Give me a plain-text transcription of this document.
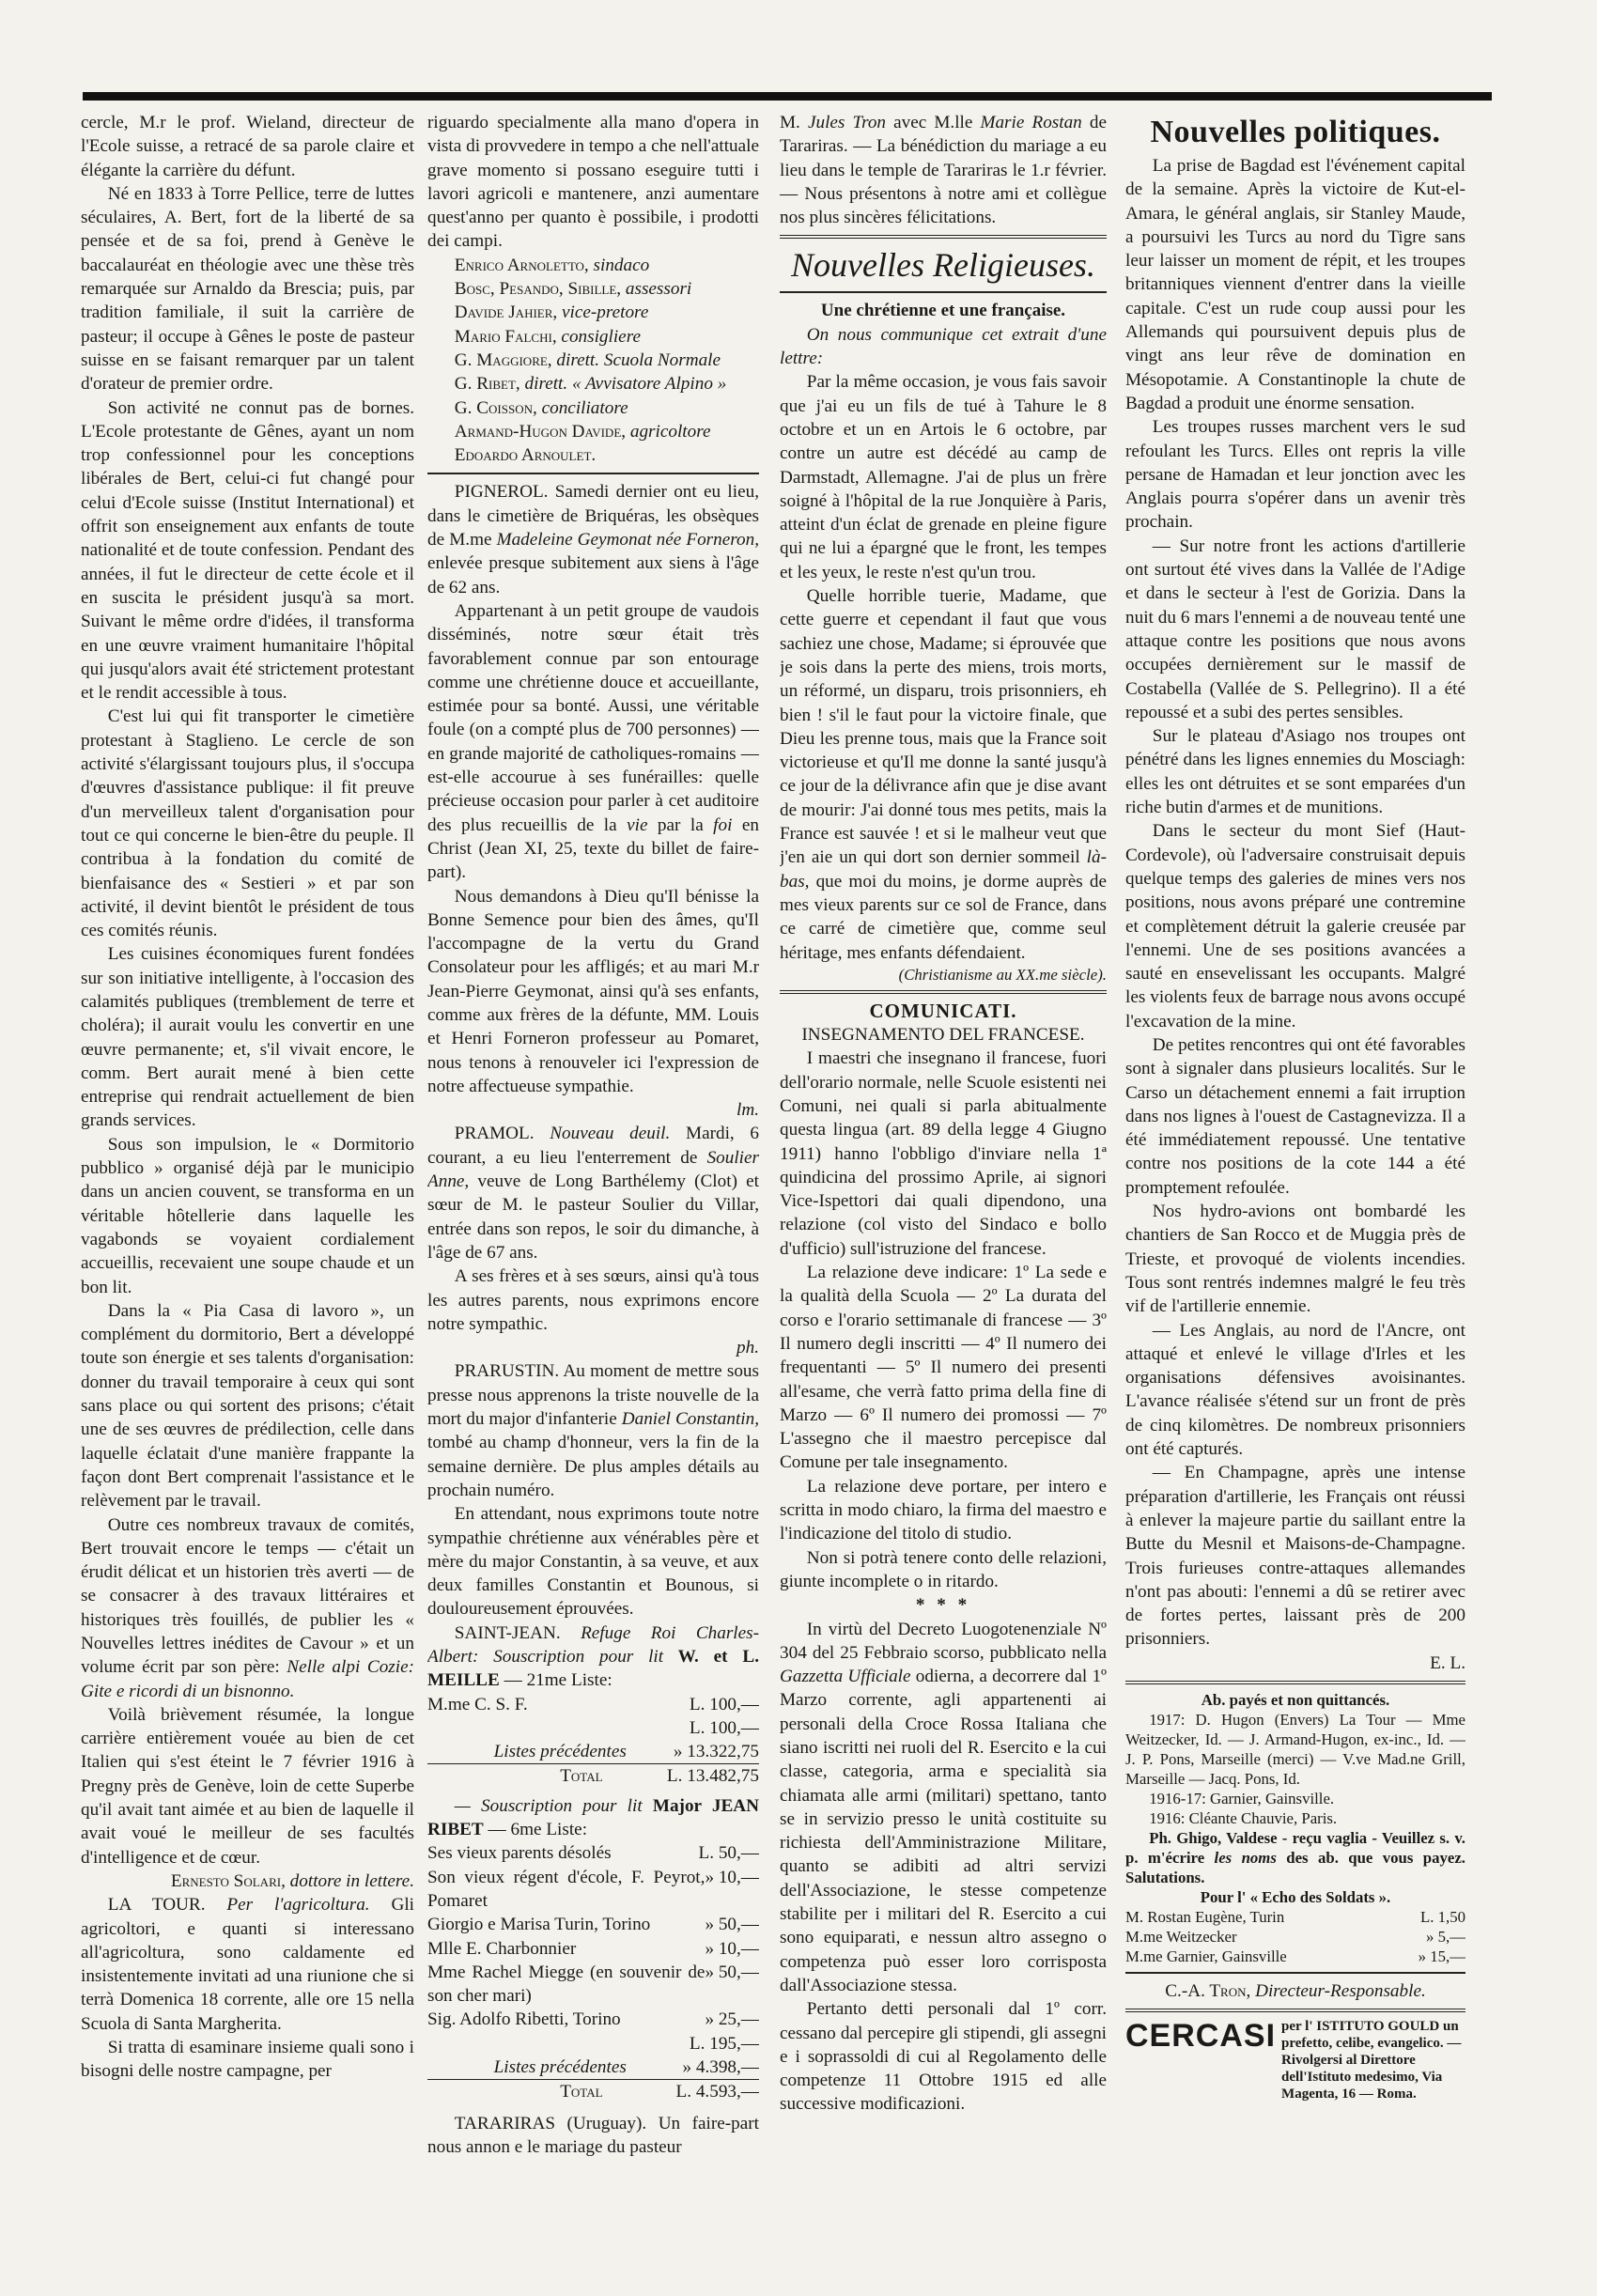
cercle, M.r le prof. Wieland, directeur de l'Ecole suisse, a retracé de sa parole claire et élégante la carrière du défunt.

Né en 1833 à Torre Pellice, terre de luttes séculaires, A. Bert, fort de la liberté de sa pensée et de sa foi, prend à Genève le baccalauréat en théologie avec une thèse très remarquée sur Arnaldo da Brescia; puis, par tradition familiale, il suit la carrière de pasteur; il occupe à Gênes le poste de pasteur suisse en se faisant remarquer par un talent d'orateur de premier ordre.

Son activité ne connut pas de bornes. L'Ecole protestante de Gênes, ayant un nom trop confessionnel pour les conceptions libérales de Bert, celui-ci fut changé pour celui d'Ecole suisse (Institut International) et offrit son enseignement aux enfants de toute nationalité et de toute confession. Pendant des années, il fut le directeur de cette école et il en suscita le président jusqu'à sa mort. Suivant le même ordre d'idées, il transforma en une œuvre vraiment humanitaire l'hôpital qui jusqu'alors avait été strictement protestant et le rendit accessible à tous.

C'est lui qui fit transporter le cimetière protestant à Staglieno. Le cercle de son activité s'élargissant toujours plus, il s'occupa d'œuvres d'assistance publique: il fit preuve d'un merveilleux talent d'organisation pour tout ce qui concerne le bien-être du peuple. Il contribua à la fondation du comité de bienfaisance des « Sestieri » et par son activité, il devint bientôt le président de tous ces comités réunis.

Les cuisines économiques furent fondées sur son initiative intelligente, à l'occasion des calamités publiques (tremblement de terre et choléra); il aurait voulu les convertir en une œuvre permanente; et, s'il vivait encore, le comm. Bert aurait mené à bien cette entreprise qui rendrait actuellement de bien grands services.

Sous son impulsion, le « Dormitorio pubblico » organisé déjà par le municipio dans un ancien couvent, se transforma en un véritable hôtellerie dans laquelle les vagabonds se voyaient cordialement accueillis, recevaient une soupe chaude et un bon lit.

Dans la « Pia Casa di lavoro », un complément du dormitorio, Bert a développé toute son énergie et ses talents d'organisation: donner du travail temporaire à ceux qui sont sans place ou qui sortent des prisons; c'était une de ses œuvres de prédilection, celle dans laquelle éclatait d'une manière frappante la façon dont Bert comprenait l'assistance et le relèvement par le travail.

Outre ces nombreux travaux de comités, Bert trouvait encore le temps — c'était un érudit délicat et un historien très averti — de se consacrer à des travaux littéraires et historiques très fouillés, de publier les « Nouvelles lettres inédites de Cavour » et un volume écrit par son père: Nelle alpi Cozie: Gite e ricordi di un bisnonno.

Voilà brièvement résumée, la longue carrière entièrement vouée au bien de cet Italien qui s'est éteint le 7 février 1916 à Pregny près de Genève, loin de cette Superbe qu'il avait tant aimée et au bien de laquelle il avait voué le meilleur de ses facultés d'intelligence et de cœur.

Ernesto Solari, dottore in lettere.

LA TOUR. Per l'agricoltura. Gli agricoltori, e quanti si interessano all'agricoltura, sono caldamente ed insistentemente invitati ad una riunione che si terrà Domenica 18 corrente, alle ore 15 nella Scuola di Santa Margherita.

Si tratta di esaminare insieme quali sono i bisogni delle nostre campagne, per

riguardo specialmente alla mano d'opera in vista di provvedere in tempo a che nell'attuale grave momento si possano eseguire tutti i lavori agricoli e mantenere, anzi aumentare quest'anno per quanto è possibile, i prodotti dei campi.

Enrico Arnoletto, sindaco

Bosc, Pesando, Sibille, assessori

Davide Jahier, vice-pretore

Mario Falchi, consigliere

G. Maggiore, dirett. Scuola Normale

G. Ribet, dirett. « Avvisatore Alpino »

G. Coisson, conciliatore

Armand-Hugon Davide, agricoltore

Edoardo Arnoulet.

PIGNEROL. Samedi dernier ont eu lieu, dans le cimetière de Briquéras, les obsèques de M.me Madeleine Geymonat née Forneron, enlevée presque subitement aux siens à l'âge de 62 ans.

Appartenant à un petit groupe de vaudois disséminés, notre sœur était très favorablement connue par son entourage comme une chrétienne douce et accueillante, estimée pour sa bonté. Aussi, une véritable foule (on a compté plus de 700 personnes) — en grande majorité de catholiques-romains — est-elle accourue à ses funérailles: quelle précieuse occasion pour parler à cet auditoire des plus recueillis de la vie par la foi en Christ (Jean XI, 25, texte du billet de faire-part).

Nous demandons à Dieu qu'Il bénisse la Bonne Semence pour bien des âmes, qu'Il l'accompagne de la vertu du Grand Consolateur pour les affligés; et au mari M.r Jean-Pierre Geymonat, ainsi qu'à ses enfants, comme aux frères de la défunte, MM. Louis et Henri Forneron professeur au Pomaret, nous tenons à renouveler ici l'expression de notre affectueuse sympathie.

lm.

PRAMOL. Nouveau deuil. Mardi, 6 courant, a eu lieu l'enterrement de Soulier Anne, veuve de Long Barthélemy (Clot) et sœur de M. le pasteur Soulier du Villar, entrée dans son repos, le soir du dimanche, à l'âge de 67 ans.

A ses frères et à ses sœurs, ainsi qu'à tous les autres parents, nous exprimons encore notre sympathic.

ph.

PRARUSTIN. Au moment de mettre sous presse nous apprenons la triste nouvelle de la mort du major d'infanterie Daniel Constantin, tombé au champ d'honneur, vers la fin de la semaine dernière. De plus amples détails au prochain numéro.

En attendant, nous exprimons toute notre sympathie chrétienne aux vénérables père et mère du major Constantin, à sa veuve, et aux deux familles Constantin et Bounous, si douloureusement éprouvées.

SAINT-JEAN. Refuge Roi Charles-Albert: Souscription pour lit W. et L. MEILLE — 21me Liste:

M.me C. S. F.	L. 100,—
L. 100,—
Listes précédentes	» 13.322,75
Total	L. 13.482,75

— Souscription pour lit Major JEAN RIBET — 6me Liste:

Ses vieux parents désolés	L. 50,—
Son vieux régent d'école, F. Peyrot, Pomaret
» 10,—
Giorgio e Marisa Turin, Torino	» 50,—
Mlle E. Charbonnier	» 10,—
Mme Rachel Miegge (en souvenir de son cher mari)
» 50,—
Sig. Adolfo Ribetti, Torino	» 25,—
L. 195,—
Listes précédentes	» 4.398,—
Total	L. 4.593,—

TARARIRAS (Uruguay). Un faire-part nous annon e le mariage du pasteur

M. Jules Tron avec M.lle Marie Rostan de Tarariras. — La bénédiction du mariage a eu lieu dans le temple de Tarariras le 1.r février. — Nous présentons à notre ami et collègue nos plus sincères félicitations.

Nouvelles Religieuses.
Une chrétienne et une française.

On nous communique cet extrait d'une lettre:

Par la même occasion, je vous fais savoir que j'ai eu un fils de tué à Tahure le 8 octobre et un en Artois le 6 octobre, par contre un autre est décédé au camp de Darmstadt, Allemagne. J'ai de plus un frère soigné à l'hôpital de la rue Jonquière à Paris, atteint d'un éclat de grenade en pleine figure qui ne lui a épargné que le front, les tempes et les yeux, le reste n'est qu'un trou.

Quelle horrible tuerie, Madame, que cette guerre et cependant il faut que vous sachiez une chose, Madame; si éprouvée que je sois dans la perte des miens, trois morts, un réformé, un disparu, trois prisonniers, eh bien ! s'il le faut pour la victoire finale, que Dieu les prenne tous, mais que la France soit victorieuse et qu'Il me donne la santé jusqu'à ce jour de la délivrance afin que je dise avant de mourir: J'ai donné tous mes petits, mais la France est sauvée ! et si le malheur veut que j'en aie un qui dort son dernier sommeil là-bas, que moi du moins, je dorme auprès de mes vieux parents sur ce sol de France, dans ce carré de cimetière que, comme seul héritage, mes enfants défendaient.

(Christianisme au XX.me siècle).

COMUNICATI.
INSEGNAMENTO DEL FRANCESE.

I maestri che insegnano il francese, fuori dell'orario normale, nelle Scuole esistenti nei Comuni, nei quali si parla abitualmente questa lingua (art. 89 della legge 4 Giugno 1911) hanno l'obbligo d'inviare nella 1ª quindicina del prossimo Aprile, ai signori Vice-Ispettori dai quali dipendono, una relazione (col visto del Sindaco e bollo d'ufficio) sull'istruzione del francese.

La relazione deve indicare: 1º La sede e la qualità della Scuola — 2º La durata del corso e l'orario settimanale di francese — 3º Il numero degli inscritti — 4º Il numero dei frequentanti — 5º Il numero dei presenti all'esame, che verrà fatto prima della fine di Marzo — 6º Il numero dei promossi — 7º L'assegno che il maestro percepisce dal Comune per tale insegnamento.

La relazione deve portare, per intero e scritta in modo chiaro, la firma del maestro e l'indicazione del titolo di studio.

Non si potrà tenere conto delle relazioni, giunte incomplete o in ritardo.

* * *

In virtù del Decreto Luogotenenziale Nº 304 del 25 Febbraio scorso, pubblicato nella Gazzetta Ufficiale odierna, a decorrere dal 1º Marzo corrente, agli appartenenti ai personali della Croce Rossa Italiana che siano iscritti nei ruoli del R. Esercito e la cui classe, categoria, arma e specialità sia chiamata alle armi (militari) spettano, tanto se in servizio presso le unità costituite su richiesta dell'Amministrazione Militare, quanto se adibiti ad altri servizi dell'Associazione, le stesse competenze stabilite per i militari del R. Esercito a cui sono equiparati, e nessun altro assegno o competenza può esser loro corrisposta dall'Associazione stessa.

Pertanto detti personali dal 1º corr. cessano dal percepire gli stipendi, gli assegni e i soprassoldi di cui al Regolamento delle competenze 11 Ottobre 1915 ed alle successive modificazioni.

Nouvelles politiques.

La prise de Bagdad est l'événement capital de la semaine. Après la victoire de Kut-el-Amara, le général anglais, sir Stanley Maude, a poursuivi les Turcs au nord du Tigre sans leur laisser un moment de répit, et les troupes britanniques viennent d'entrer dans la vieille capitale. C'est un rude coup aussi pour les Allemands qui poursuivent depuis plus de vingt ans leur rêve de domination en Mésopotamie. A Constantinople la chute de Bagdad a produit une énorme sensation.

Les troupes russes marchent vers le sud refoulant les Turcs. Elles ont repris la ville persane de Hamadan et leur jonction avec les Anglais pourra s'opérer dans un avenir très prochain.

— Sur notre front les actions d'artillerie ont surtout été vives dans la Vallée de l'Adige et dans le secteur à l'est de Gorizia. Dans la nuit du 6 mars l'ennemi a de nouveau tenté une attaque contre les positions que nous avons occupées dernièrement sur le massif de Costabella (Vallée de S. Pellegrino). Il a été repoussé et a subi des pertes sensibles.

Sur le plateau d'Asiago nos troupes ont pénétré dans les lignes ennemies du Mosciagh: elles les ont détruites et se sont emparées d'un riche butin d'armes et de munitions.

Dans le secteur du mont Sief (Haut-Cordevole), où l'adversaire construisait depuis quelque temps des galeries de mines vers nos positions, nous avons préparé une contremine et complètement détruit la galerie creusée par l'ennemi. Une de ses positions avancées a sauté en ensevelissant les occupants. Malgré les violents feux de barrage nous avons occupé l'excavation de la mine.

De petites rencontres qui ont été favorables sont à signaler dans plusieurs localités. Sur le Carso un détachement ennemi a fait irruption dans nos lignes à l'ouest de Castagnevizza. Il a été immédiatement repoussé. Une tentative contre nos positions de la cote 144 a été promptement refoulée.

Nos hydro-avions ont bombardé les chantiers de San Rocco et de Muggia près de Trieste, et provoqué de violents incendies. Tous sont rentrés indemnes malgré le feu très vif de l'artillerie ennemie.

— Les Anglais, au nord de l'Ancre, ont attaqué et enlevé le village d'Irles et les organisations défensives avoisinantes. L'avance réalisée s'étend sur un front de près de cinq kilomètres. De nombreux prisonniers ont été capturés.

— En Champagne, après une intense préparation d'artillerie, les Français ont réussi à enlever la majeure partie du saillant entre la Butte du Mesnil et Maisons-de-Champagne. Trois furieuses contre-attaques allemandes n'ont pas abouti: l'ennemi a dû se retirer avec de fortes pertes, laissant près de 200 prisonniers.

E. L.

Ab. payés et non quittancés.

1917: D. Hugon (Envers) La Tour — Mme Weitzecker, Id. — J. Armand-Hugon, ex-inc., Id. — J. P. Pons, Marseille (merci) — V.ve Mad.ne Grill, Marseille — Jacq. Pons, Id.

1916-17: Garnier, Gainsville.

1916: Cléante Chauvie, Paris.

Ph. Ghigo, Valdese - reçu vaglia - Veuillez s. v. p. m'écrire les noms des ab. que vous payez. Salutations.

Pour l' « Echo des Soldats ».
M. Rostan Eugène, Turin	L. 1,50
M.me Weitzecker	» 5,—
M.me Garnier, Gainsville	» 15,—

C.-A. Tron, Directeur-Responsable.

CERCASI per l' ISTITUTO GOULD un prefetto, celibe, evangelico. — Rivolgersi al Direttore dell'Istituto medesimo, Via Magenta, 16 — Roma.
